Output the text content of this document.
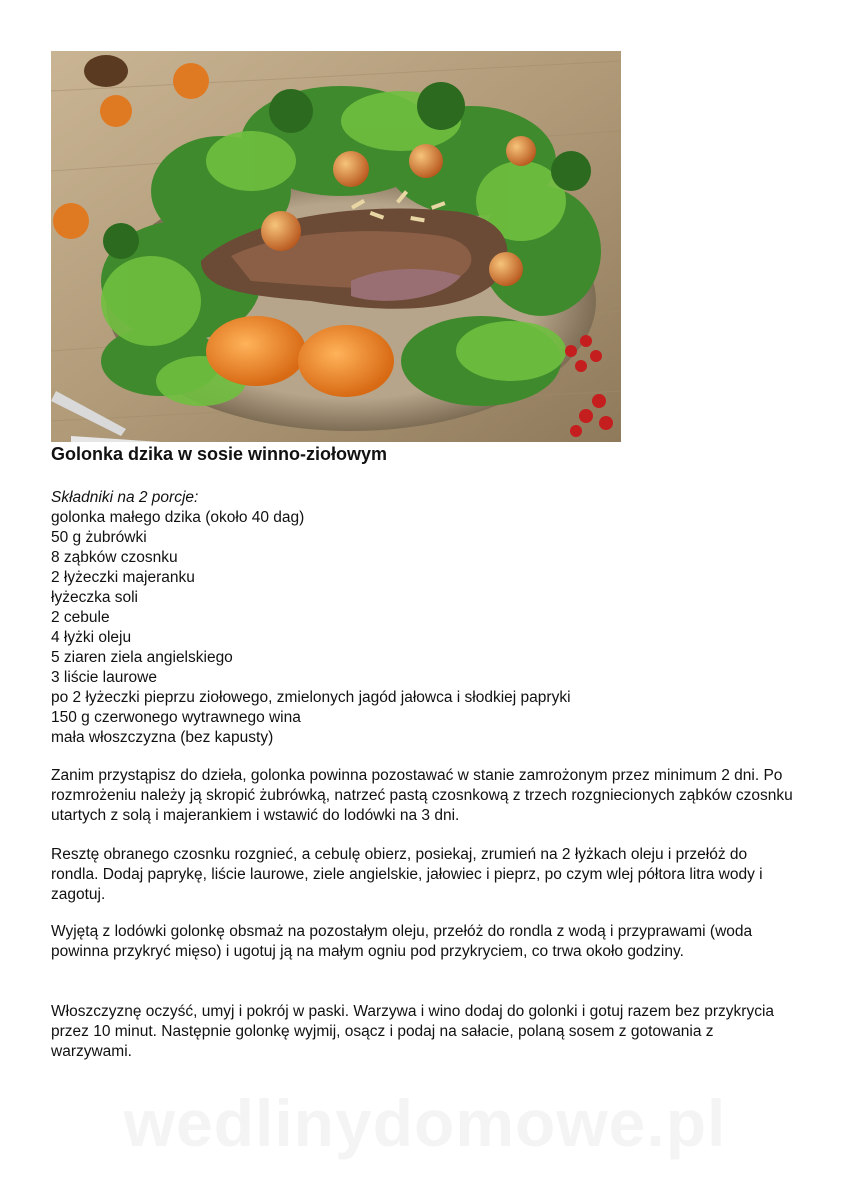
Golonka dzika w sosie winno-ziołowym
Składniki na 2 porcje:
golonka małego dzika (około 40 dag)
50 g żubrówki
8 ząbków czosnku
2 łyżeczki majeranku
łyżeczka soli
2 cebule
4 łyżki oleju
5 ziaren ziela angielskiego
3 liście laurowe
po 2 łyżeczki pieprzu ziołowego, zmielonych jagód jałowca i słodkiej papryki
150 g czerwonego wytrawnego wina
mała włoszczyzna (bez kapusty)

Zanim przystąpisz do dzieła, golonka powinna pozostawać w stanie zamrożonym przez minimum 2 dni. Po rozmrożeniu należy ją skropić żubrówką, natrzeć pastą czosnkową z trzech rozgniecionych ząbków czosnku utartych z solą i majerankiem i wstawić do lodówki na 3 dni.

Resztę obranego czosnku rozgnieć, a cebulę obierz, posiekaj, zrumień na 2 łyżkach oleju i przełóż do rondla. Dodaj paprykę, liście laurowe, ziele angielskie, jałowiec i pieprz, po czym wlej półtora litra wody i zagotuj.

Wyjętą z lodówki golonkę obsmaż na pozostałym oleju, przełóż do rondla z wodą i przyprawami (woda powinna przykryć mięso) i ugotuj ją na małym ogniu pod przykryciem, co trwa około godziny.

Włoszczyznę oczyść, umyj i pokrój w paski. Warzywa i wino dodaj do golonki i gotuj razem bez przykrycia przez 10 minut. Następnie golonkę wyjmij, osącz i podaj na sałacie, polaną sosem z gotowania z warzywami.

wedlinydomowe.pl
